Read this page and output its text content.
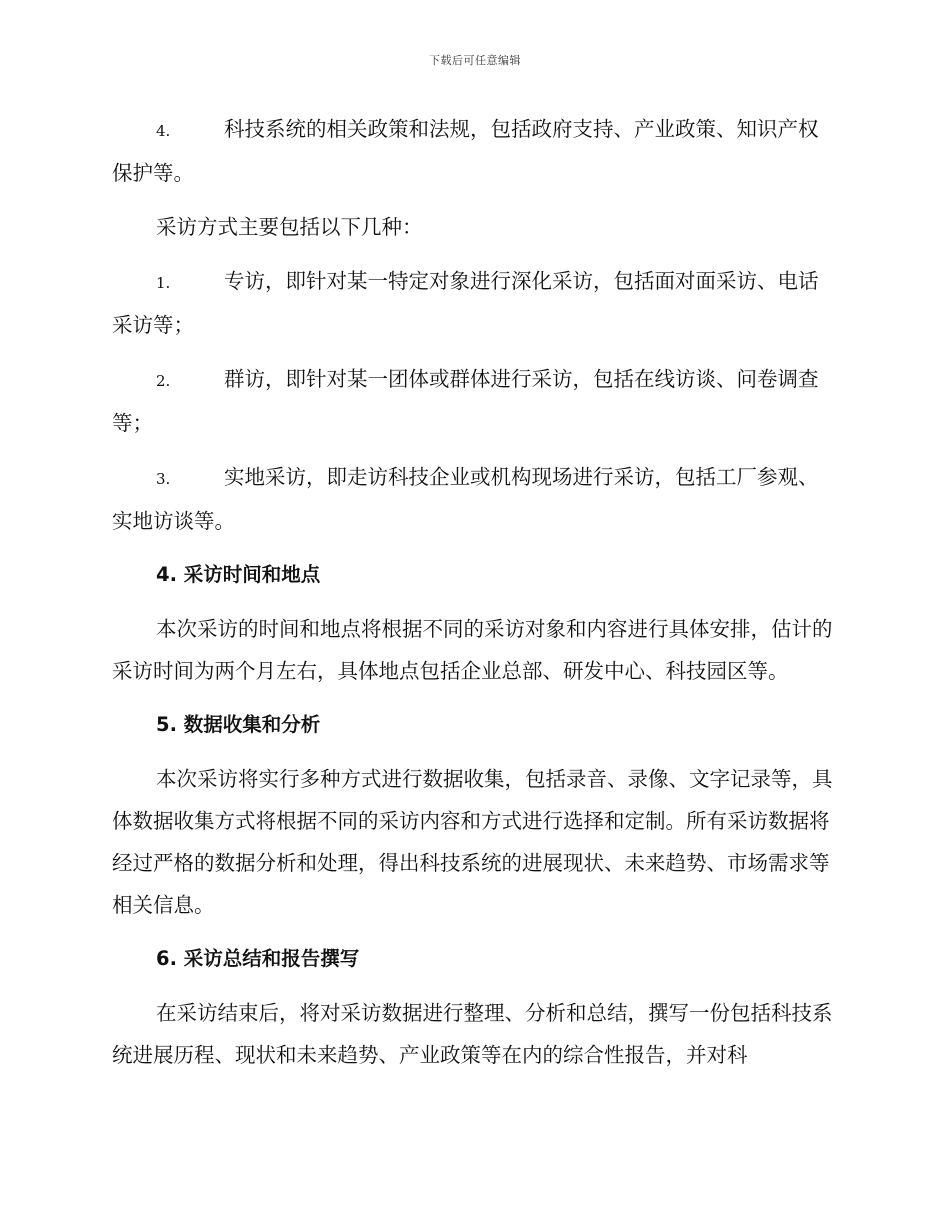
下载后可任意编辑

4.	科技系统的相关政策和法规，包括政府支持、产业政策、知识产权保护等。

采访方式主要包括以下几种：

1.	专访，即针对某一特定对象进行深化采访，包括面对面采访、电话采访等；

2.	群访，即针对某一团体或群体进行采访，包括在线访谈、问卷调查等；

3.	实地采访，即走访科技企业或机构现场进行采访，包括工厂参观、实地访谈等。

4. 采访时间和地点

本次采访的时间和地点将根据不同的采访对象和内容进行具体安排，估计的采访时间为两个月左右，具体地点包括企业总部、研发中心、科技园区等。

5. 数据收集和分析

本次采访将实行多种方式进行数据收集，包括录音、录像、文字记录等，具体数据收集方式将根据不同的采访内容和方式进行选择和定制。所有采访数据将经过严格的数据分析和处理，得出科技系统的进展现状、未来趋势、市场需求等相关信息。

6. 采访总结和报告撰写

在采访结束后，将对采访数据进行整理、分析和总结，撰写一份包括科技系统进展历程、现状和未来趋势、产业政策等在内的综合性报告，并对科
